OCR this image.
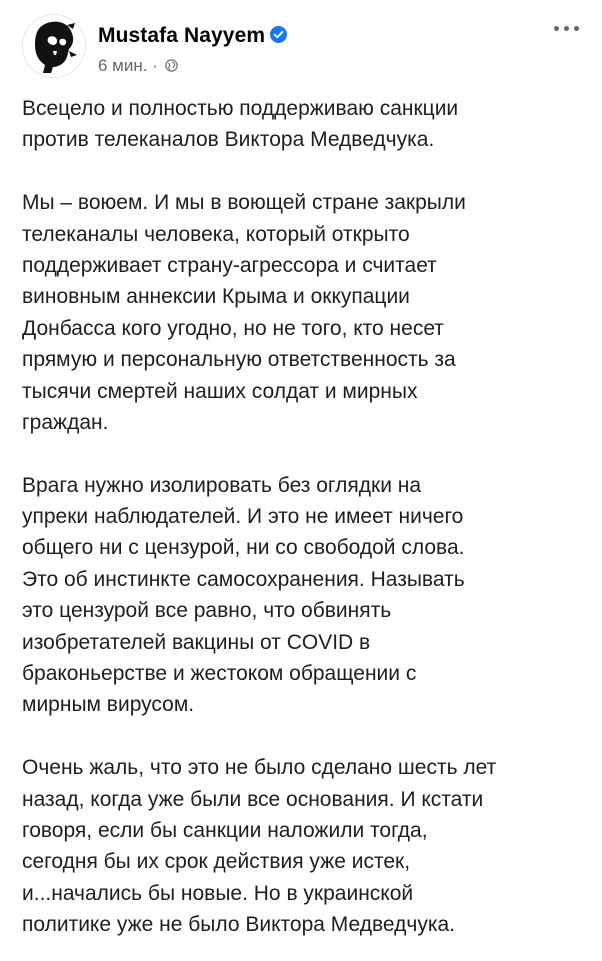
Mustafa Nayyem
6 мин. ·
Всецело и полностью поддерживаю санкции
против телеканалов Виктора Медведчука.
Мы – воюем. И мы в воющей стране закрыли
телеканалы человека, который открыто
поддерживает страну-агрессора и считает
виновным аннексии Крыма и оккупации
Донбасса кого угодно, но не того, кто несет
прямую и персональную ответственность за
тысячи смертей наших солдат и мирных
граждан.
Врага нужно изолировать без оглядки на
упреки наблюдателей. И это не имеет ничего
общего ни с цензурой, ни со свободой слова.
Это об инстинкте самосохранения. Называть
это цензурой все равно, что обвинять
изобретателей вакцины от COVID в
браконьерстве и жестоком обращении с
мирным вирусом.
Очень жаль, что это не было сделано шесть лет
назад, когда уже были все основания. И кстати
говоря, если бы санкции наложили тогда,
сегодня бы их срок действия уже истек,
и...начались бы новые. Но в украинской
политике уже не было Виктора Медведчука.
